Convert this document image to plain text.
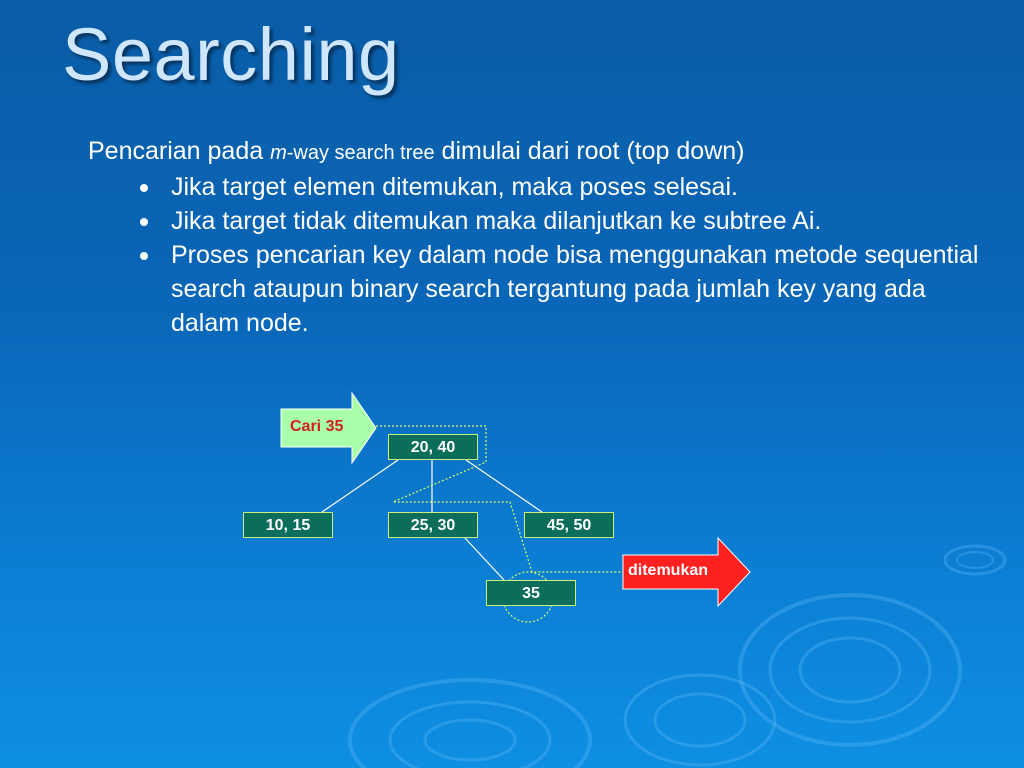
Searching
Pencarian pada m-way search tree dimulai dari root (top down)
Jika target elemen ditemukan, maka poses selesai.
Jika target tidak ditemukan maka dilanjutkan ke subtree Ai.
Proses pencarian key dalam node bisa menggunakan metode sequential search ataupun binary search tergantung pada jumlah key yang ada dalam node.
Cari 35
ditemukan
20, 40
10, 15	25, 30	45, 50
35
